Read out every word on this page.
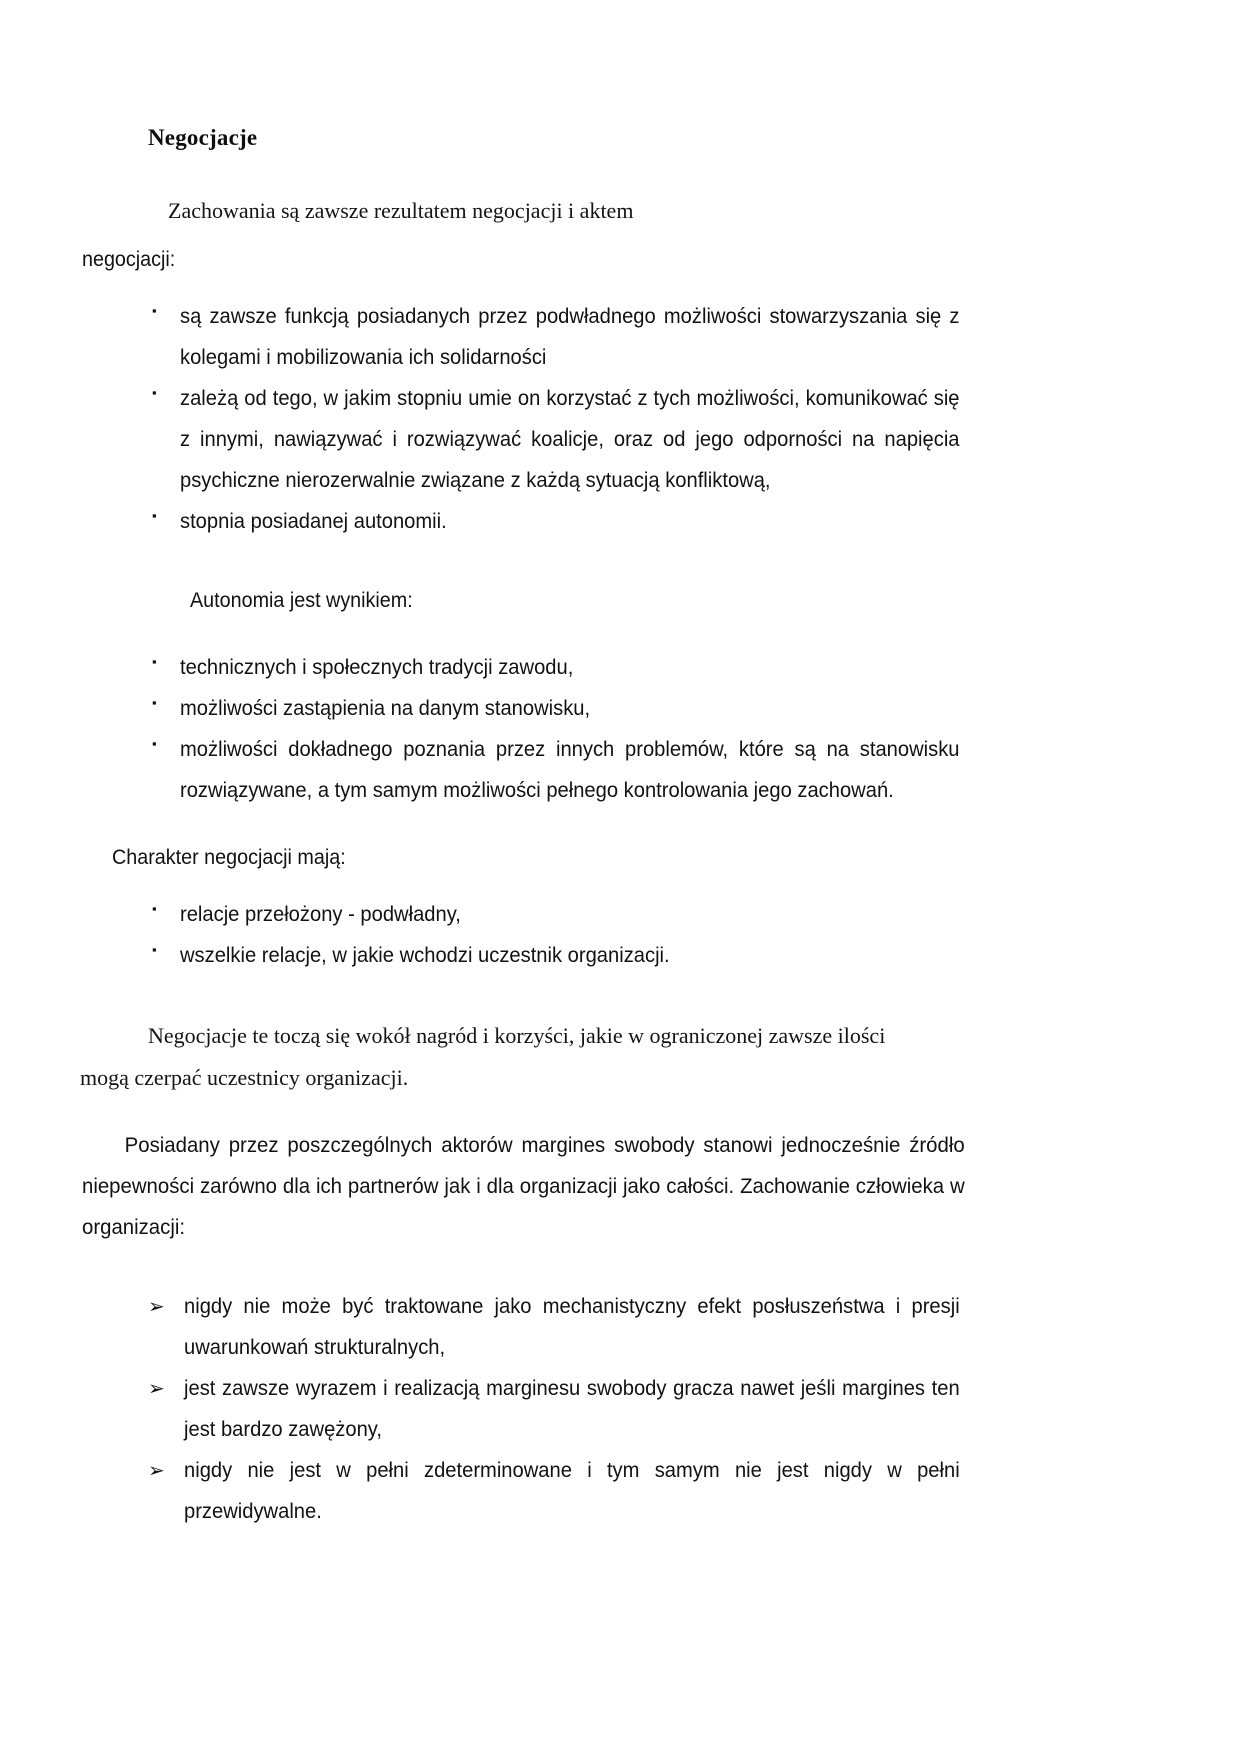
Negocjacje

Zachowania są zawsze rezultatem negocjacji i aktem

negocjacji:

▪ są zawsze funkcją posiadanych przez podwładnego możliwości stowarzyszania się z kolegami i mobilizowania ich solidarności
▪ zależą od tego, w jakim stopniu umie on korzystać z tych możliwości, komunikować się z innymi, nawiązywać i rozwiązywać koalicje, oraz od jego odporności na napięcia psychiczne nierozerwalnie związane z każdą sytuacją konfliktową,
▪ stopnia posiadanej autonomii.

Autonomia jest wynikiem:

▪ technicznych i społecznych tradycji zawodu,
▪ możliwości zastąpienia na danym stanowisku,
▪ możliwości dokładnego poznania przez innych problemów, które są na stanowisku rozwiązywane, a tym samym możliwości pełnego kontrolowania jego zachowań.

Charakter negocjacji mają:

▪ relacje przełożony - podwładny,
▪ wszelkie relacje, w jakie wchodzi uczestnik organizacji.

Negocjacje te toczą się wokół nagród i korzyści, jakie w ograniczonej zawsze ilości

mogą czerpać uczestnicy organizacji.

Posiadany przez poszczególnych aktorów margines swobody stanowi jednocześnie źródło niepewności zarówno dla ich partnerów jak i dla organizacji jako całości. Zachowanie człowieka w organizacji:

➢ nigdy nie może być traktowane jako mechanistyczny efekt posłuszeństwa i presji uwarunkowań strukturalnych,
➢ jest zawsze wyrazem i realizacją marginesu swobody gracza nawet jeśli margines ten jest bardzo zawężony,
➢ nigdy nie jest w pełni zdeterminowane i tym samym nie jest nigdy w pełni przewidywalne.
